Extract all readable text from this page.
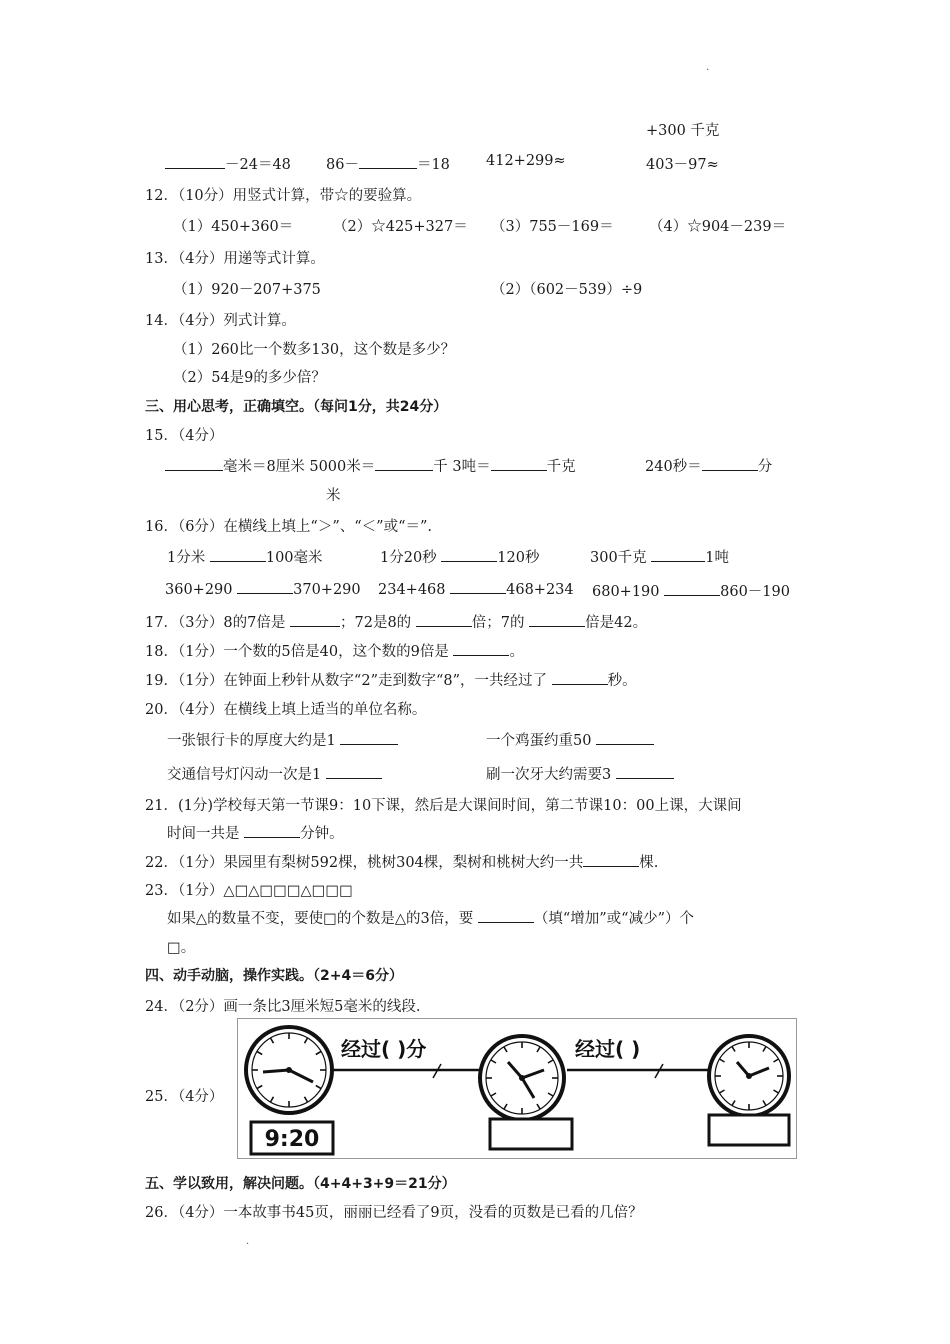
.
+300 千克
－24＝48 86－	＝18 412+299≈	403－97≈
12．（10分）用竖式计算，带☆的要验算。
（1）450+360＝	（2）☆425+327＝ （3）755－169＝ （4）☆904－239＝
13．（4分）用递等式计算。
（1）920－207+375	（2）（602－539）÷9
14．（4分）列式计算。
（1）260比一个数多130，这个数是多少？
（2）54是9的多少倍？
三、用心思考，正确填空。（每问1分，共24分）
15．（4分）
毫米＝8厘米 5000米＝	千 3吨＝	千克	240秒＝	分
米
16．（6分）在横线上填上“＞”、“＜”或“＝”.
1分米	100毫米	1分20秒	120秒	300千克	1吨
360+290	370+290 234+468	468+234 680+190	860－190
17．（3分）8的7倍是	；72是8的	倍；7的	倍是42。
18．（1分）一个数的5倍是40，这个数的9倍是	。
19．（1分）在钟面上秒针从数字“2”走到数字“8”，一共经过了	秒。
20．（4分）在横线上填上适当的单位名称。
一张银行卡的厚度大约是1	一个鸡蛋约重50
交通信号灯闪动一次是1	刷一次牙大约需要3
21．(1分)学校每天第一节课9：10下课，然后是大课间时间，第二节课10：00上课，大课间
时间一共是	分钟。
22．（1分）果园里有梨树592棵，桃树304棵，梨树和桃树大约一共	棵.
23．（1分）△□△□□□△□□□
如果△的数量不变，要使□的个数是△的3倍，要	（填“增加”或“减少”）个
□。
四、动手动脑，操作实践。（2+4＝6分）
24．（2分）画一条比3厘米短5毫米的线段.
25．（4分）
9:20
经过( )分	经过( )
五、学以致用，解决问题。（4+4+3+9＝21分）
26．（4分）一本故事书45页，丽丽已经看了9页，没看的页数是已看的几倍？
.
